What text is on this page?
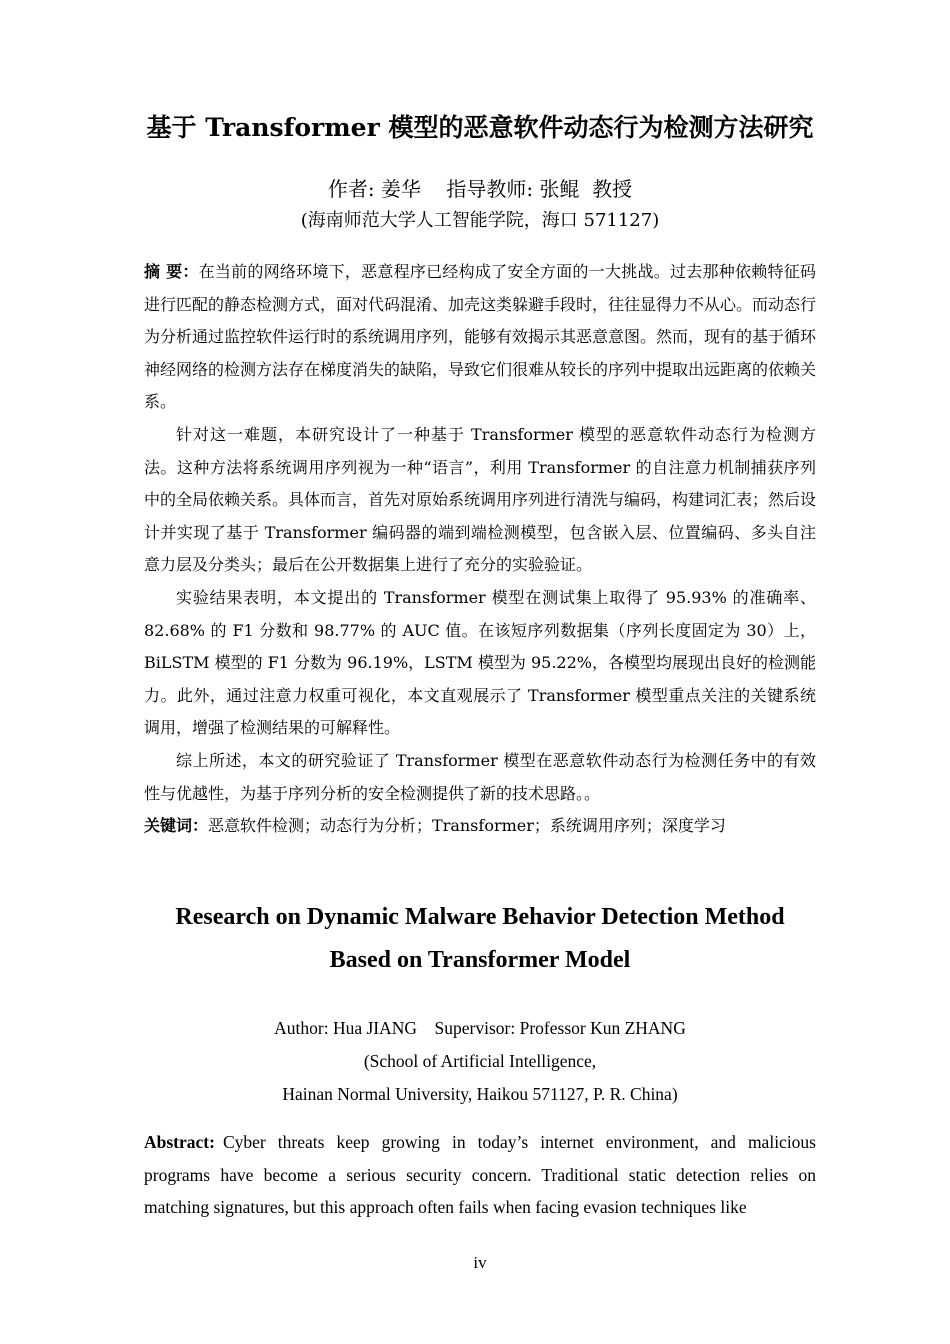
基于 Transformer 模型的恶意软件动态行为检测方法研究
作者: 姜华    指导教师: 张鲲  教授
(海南师范大学人工智能学院，海口 571127)

摘 要：在当前的网络环境下，恶意程序已经构成了安全方面的一大挑战。过去那种依赖特征码进行匹配的静态检测方式，面对代码混淆、加壳这类躲避手段时，往往显得力不从心。而动态行为分析通过监控软件运行时的系统调用序列，能够有效揭示其恶意意图。然而，现有的基于循环神经网络的检测方法存在梯度消失的缺陷，导致它们很难从较长的序列中提取出远距离的依赖关系。

针对这一难题，本研究设计了一种基于 Transformer 模型的恶意软件动态行为检测方法。这种方法将系统调用序列视为一种“语言”，利用 Transformer 的自注意力机制捕获序列中的全局依赖关系。具体而言，首先对原始系统调用序列进行清洗与编码，构建词汇表；然后设计并实现了基于 Transformer 编码器的端到端检测模型，包含嵌入层、位置编码、多头自注意力层及分类头；最后在公开数据集上进行了充分的实验验证。

实验结果表明，本文提出的 Transformer 模型在测试集上取得了 95.93% 的准确率、82.68% 的 F1 分数和 98.77% 的 AUC 值。在该短序列数据集（序列长度固定为 30）上，BiLSTM 模型的 F1 分数为 96.19%，LSTM 模型为 95.22%，各模型均展现出良好的检测能力。此外，通过注意力权重可视化，本文直观展示了 Transformer 模型重点关注的关键系统调用，增强了检测结果的可解释性。

综上所述，本文的研究验证了 Transformer 模型在恶意软件动态行为检测任务中的有效性与优越性，为基于序列分析的安全检测提供了新的技术思路。。

关键词：恶意软件检测；动态行为分析；Transformer；系统调用序列；深度学习

Research on Dynamic Malware Behavior Detection Method
Based on Transformer Model
Author: Hua JIANG    Supervisor: Professor Kun ZHANG
(School of Artificial Intelligence,
Hainan Normal University, Haikou 571127, P. R. China)
Abstract: Cyber threats keep growing in today’s internet environment, and malicious programs have become a serious security concern. Traditional static detection relies on matching signatures, but this approach often fails when facing evasion techniques like
iv
